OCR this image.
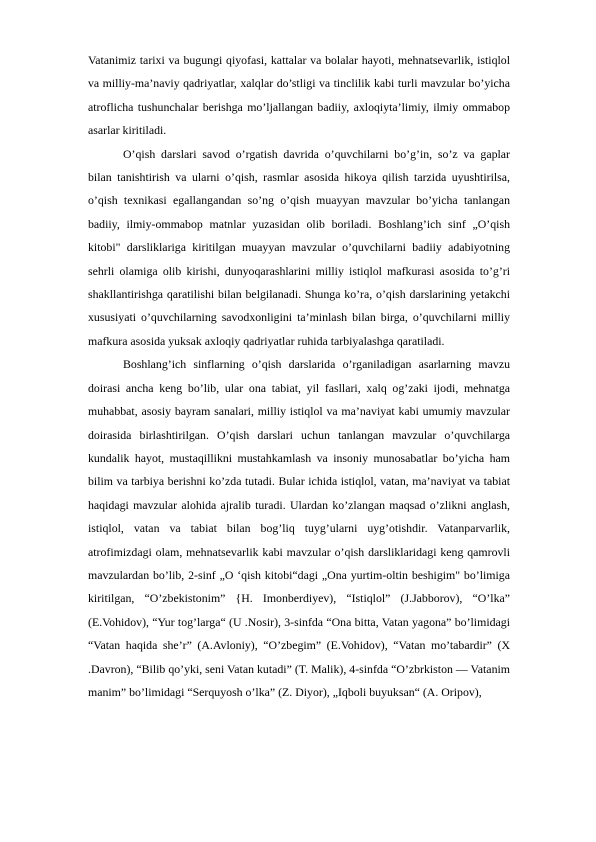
Vatanimiz tarixi va bugungi qiyofasi, kattalar va bolalar hayoti, mehnatsevarlik, istiqlol va milliy-ma’naviy qadriyatlar, xalqlar do’stligi va tinclilik kabi turli mavzular bo’yicha atroflicha tushunchalar berishga mo’ljallangan badiiy, axloqiyta’limiy, ilmiy ommabop asarlar kiritiladi.

O’qish darslari savod o’rgatish davrida o’quvchilarni bo’g’in, so’z va gaplar bilan tanishtirish va ularni o’qish, rasmlar asosida hikoya qilish tarzida uyushtirilsa, o’qish texnikasi egallangandan so’ng o’qish muayyan mavzular bo’yicha tanlangan badiiy, ilmiy-ommabop matnlar yuzasidan olib boriladi. Boshlang’ich sinf „O’qish kitobi" darsliklariga kiritilgan muayyan mavzular o’quvchilarni badiiy adabiyotning sehrli olamiga olib kirishi, dunyoqarashlarini milliy istiqlol mafkurasi asosida to’g’ri shakllantirishga qaratilishi bilan belgilanadi. Shunga ko’ra, o’qish darslarining yetakchi xususiyati o’quvchilarning savodxonligini ta’minlash bilan birga, o’quvchilarni milliy mafkura asosida yuksak axloqiy qadriyatlar ruhida tarbiyalashga qaratiladi.

Boshlang’ich sinflarning o’qish darslarida o’rganiladigan asarlarning mavzu doirasi ancha keng bo’lib, ular ona tabiat, yil fasllari, xalq og’zaki ijodi, mehnatga muhabbat, asosiy bayram sanalari, milliy istiqlol va ma’naviyat kabi umumiy mavzular doirasida birlashtirilgan. O’qish darslari uchun tanlangan mavzular o’quvchilarga kundalik hayot, mustaqillikni mustahkamlash va insoniy munosabatlar bo’yicha ham bilim va tarbiya berishni ko’zda tutadi. Bular ichida istiqlol, vatan, ma’naviyat va tabiat haqidagi mavzular alohida ajralib turadi. Ulardan ko’zlangan maqsad o’zlikni anglash, istiqlol, vatan va tabiat bilan bog’liq tuyg’ularni uyg’otishdir. Vatanparvarlik, atrofimizdagi olam, mehnatsevarlik kabi mavzular o’qish darsliklaridagi keng qamrovli mavzulardan bo’lib, 2-sinf „O ‘qish kitobi“dagi „Ona yurtim-oltin beshigim" bo’limiga kiritilgan, “O’zbekistonim” {H. Imonberdiyev), “Istiqlol” (J.Jabborov), “O’lka” (E.Vohidov), “Yur tog’larga“ (U .Nosir), 3-sinfda “Ona bitta, Vatan yagona” bo’limidagi “Vatan haqida she’r” (A.Avloniy), “O’zbegim” (E.Vohidov), “Vatan mo’tabardir” (X .Davron), “Bilib qo’yki, seni Vatan kutadi” (T. Malik), 4-sinfda “O’zbrkiston — Vatanim manim” bo’limidagi “Serquyosh o’lka” (Z. Diyor), „Iqboli buyuksan“ (A. Oripov),
